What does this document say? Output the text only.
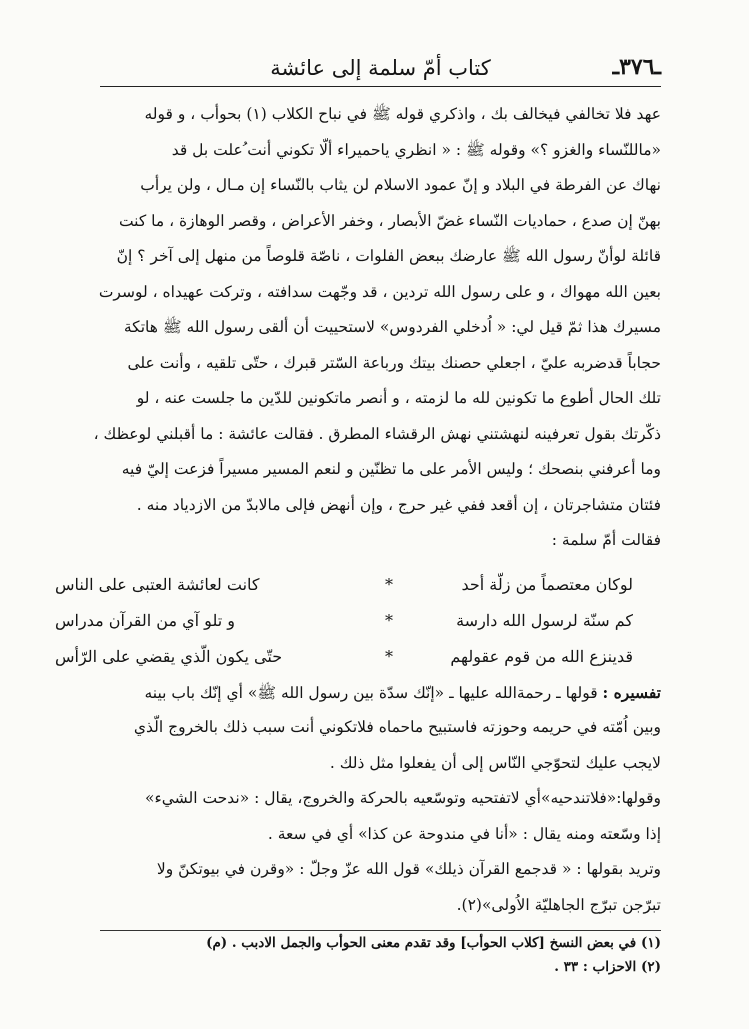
كتاب أمّ سلمة إلى عائشة	ـ٣٧٦ـ
عهد فلا تخالفي فيخالف بك ، واذكري قوله ﷺ في نباح الكلاب (١) بحوأب ، و قوله
«ماللنّساء والغزو ؟» وقوله ﷺ : « انظري ياحميراء ألّا تكوني أنت ُعلت بل قد
نهاك عن الفرطة في البلاد و إنّ عمود الاسلام لن يثاب بالنّساء إن مـال ، ولن يرأب
بهنّ إن صدع ، حماديات النّساء غضّ الأبصار ، وخفر الأعراض ، وقصر الوهازة ، ما كنت
قائلة لوأنّ رسول الله ﷺ عارضك ببعض الفلوات ، ناصّة قلوصاً من منهل إلى آخر ؟ إنّ
بعين الله مهواك ، و على رسول الله تردين ، قد وجّهت سدافته ، وتركت عهيداه ، لوسرت
مسيرك هذا ثمّ قيل لي: « اُدخلي الفردوس» لاستحييت أن ألقى رسول الله ﷺ هاتكة
حجاباً قدضربه عليّ ، اجعلي حصنك بيتك ورباعة السّتر قبرك ، حتّى تلقيه ، وأنت على
تلك الحال أطوع ما تكونين لله ما لزمته ، و أنصر ماتكونين للدّين ما جلست عنه ، لو
ذكّرتك بقول تعرفينه لنهشتني نهش الرقشاء المطرق . فقالت عائشة : ما أقبلني لوعظك ،
وما أعرفني بنصحك ؛ وليس الأمر على ما تظنّين و لنعم المسير مسيراً فزعت إليّ فيه
فئتان متشاجرتان ، إن أقعد ففي غير حرج ، وإن أنهض فإلى مالابدّ من الازدياد منه .
فقالت أمّ سلمة :
لوكان معتصماً من زلّة أحد
*
كانت لعائشة العتبى على الناس
كم سنّة لرسول الله دارسة
*
و تلو آي من القرآن مدراس
قدينزع الله من قوم عقولهم
*
حتّى يكون الّذي يقضي على الرّأس
تفسيره : قولها ـ رحمةالله عليها ـ «إنّك سدّة بين رسول الله ﷺ» أي إنّك باب بينه
وبين اُمّته في حريمه وحوزته فاستبيح ماحماه فلاتكوني أنت سبب ذلك بالخروج الّذي
لايجب عليك لتحوّجي النّاس إلى أن يفعلوا مثل ذلك .
وقولها:«فلاتندحيه»أي لاتفتحيه وتوسّعيه بالحركة والخروج، يقال : «ندحت الشيء»
إذا وسّعته ومنه يقال : «أنا في مندوحة عن كذا» أي في سعة .
وتريد بقولها : « قدجمع القرآن ذيلك» قول الله عزّ وجلّ : «وقرن في بيوتكنّ ولا
تبرّجن تبرّج الجاهليّة الاُولى»(٢).
(١) في بعض النسخ [كلاب الحوأب] وقد تقدم معنى الحوأب والجمل الادبب . (م)
(٢) الاحزاب : ٣٣ .
